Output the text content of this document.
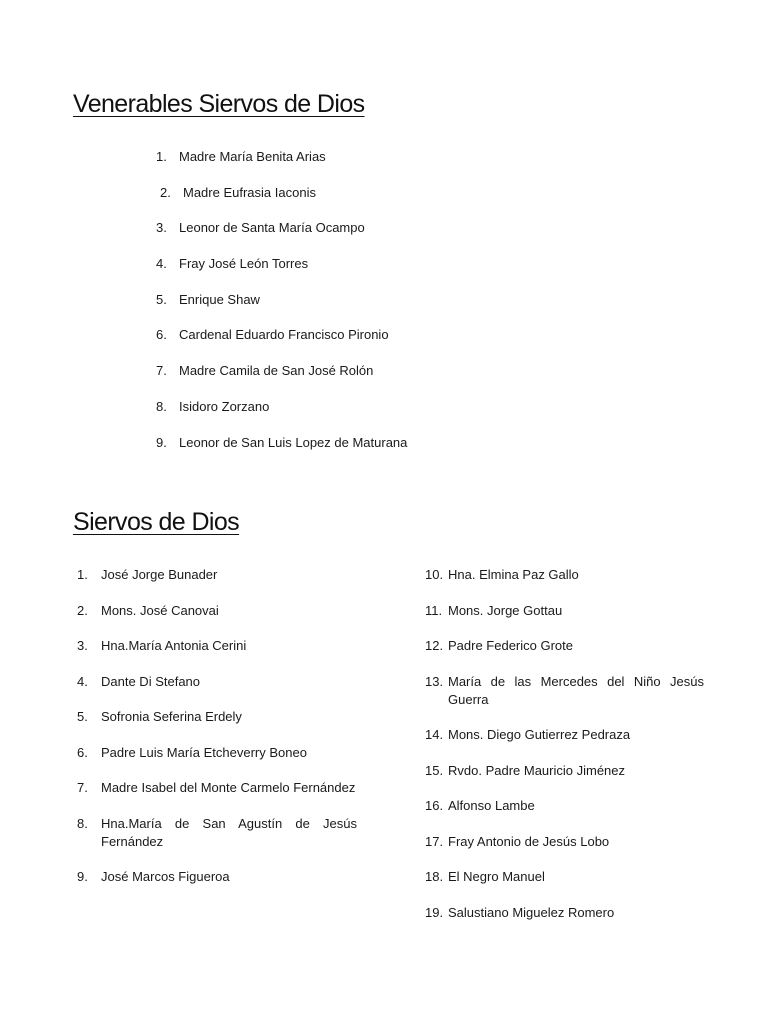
Venerables Siervos de Dios
1. Madre María Benita Arias
2. Madre Eufrasia Iaconis
3. Leonor de Santa María Ocampo
4. Fray José León Torres
5. Enrique Shaw
6. Cardenal Eduardo Francisco Pironio
7. Madre Camila de San José Rolón
8. Isidoro Zorzano
9. Leonor de San Luis Lopez de Maturana
Siervos de Dios
1. José Jorge Bunader
2. Mons. José Canovai
3. Hna.María Antonia Cerini
4. Dante Di Stefano
5. Sofronia Seferina Erdely
6. Padre Luis María Etcheverry Boneo
7. Madre Isabel del Monte Carmelo Fernández
8. Hna.María de San Agustín de Jesús Fernández
9. José Marcos Figueroa
10. Hna. Elmina Paz Gallo
11. Mons. Jorge Gottau
12. Padre Federico Grote
13. María de las Mercedes del Niño Jesús Guerra
14. Mons. Diego Gutierrez Pedraza
15. Rvdo. Padre Mauricio Jiménez
16. Alfonso Lambe
17. Fray Antonio de Jesús Lobo
18. El Negro Manuel
19. Salustiano Miguelez Romero
